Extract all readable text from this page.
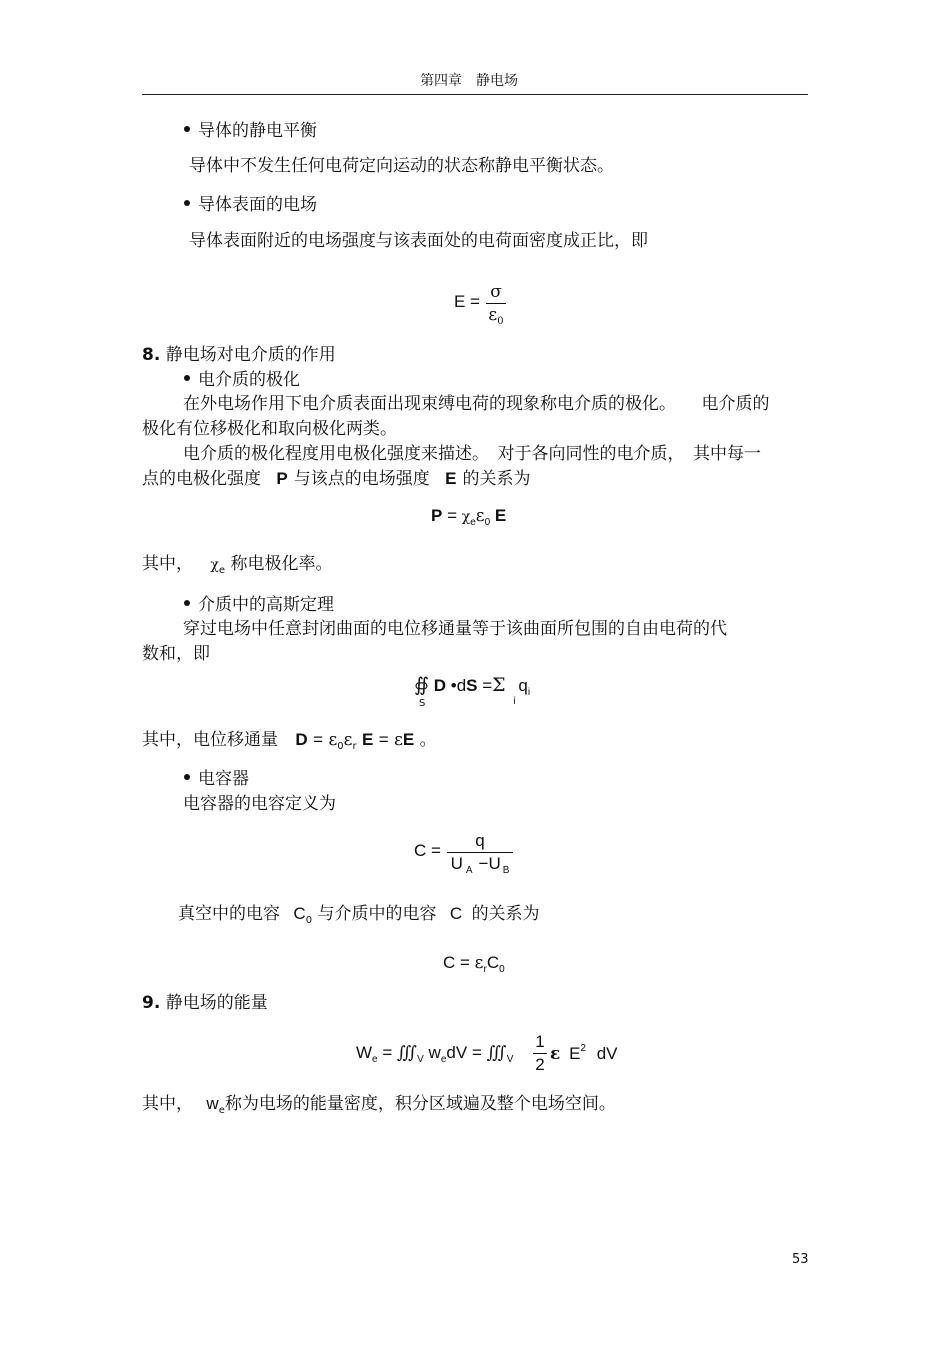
第四章　静电场
导体的静电平衡
导体中不发生任何电荷定向运动的状态称静电平衡状态。
导体表面的电场
导体表面附近的电场强度与该表面处的电荷面密度成正比，即
E = σ
$\varepsilon_0$
8. 静电场对电介质的作用
电介质的极化
在外电场作用下电介质表面出现束缚电荷的现象称电介质的极化。　　电介质的
极化有位移极化和取向极化两类。
电介质的极化程度用电极化强度来描述。　对于各向同性的电介质，　其中每一
点的电极化强度 P 与该点的电场强度 E 的关系为
$P = \chi_e\varepsilon_0$ E
其中， $\chi_e$ 称电极化率。
介质中的高斯定理
穿过电场中任意封闭曲面的电位移通量等于该曲面所包围的自由电荷的代
数和，即
∯ D •dS =Σ $q_i$
S	i
其中，电位移通量 $D = \varepsilon_0\varepsilon_r$ E = εE 。
电容器
电容器的电容定义为
C =
q
U $_A$ −U $_B$
真空中的电容 $C_0$ 与介质中的电容 C 的关系为
$C = \varepsilon_rC_0$
9. 静电场的能量
$W_e$ = $∭_V$ $w_edV$ = $∭_V$
1
2
ε $E^2$ dV
其中， $w_e$称为电场的能量密度，积分区域遍及整个电场空间。
53
